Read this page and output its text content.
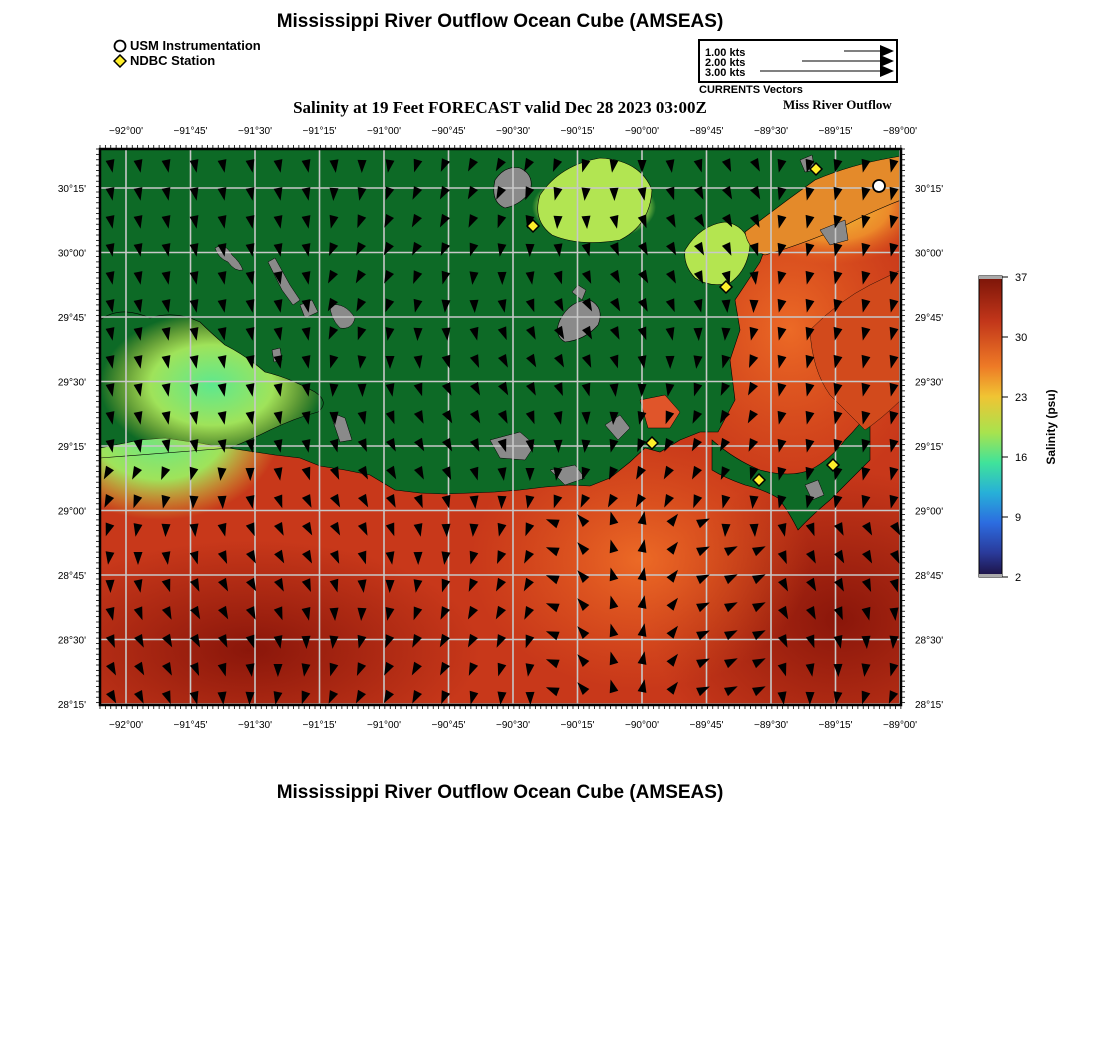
Mississippi River Outflow Ocean Cube (AMSEAS)
USM Instrumentation
NDBC Station	1.00 kts
2.00 kts
3.00 kts
CURRENTS Vectors
Salinity at 19 Feet FORECAST valid Dec 28 2023 03:00Z	Miss River Outflow
−92°00'
−92°00'
−91°45'
−91°45'
−91°30'
−91°30'
−91°15'
−91°15'
−91°00'
−91°00'
−90°45'
−90°45'
−90°30'
−90°30'
−90°15'
−90°15'
−90°00'
−90°00'
−89°45'
−89°45'
−89°30'
−89°30'
−89°15'
−89°15'
−89°00'
−89°00'
30°15'	30°15'
30°00'	30°00'
29°45'	29°45'
29°30'	29°30'
29°15'	29°15'
29°00'	29°00'
28°45'	28°45'
28°30'	28°30'
28°15'	28°15'
37
30
23
16
9
2
Salinity (psu)
Mississippi River Outflow Ocean Cube (AMSEAS)
